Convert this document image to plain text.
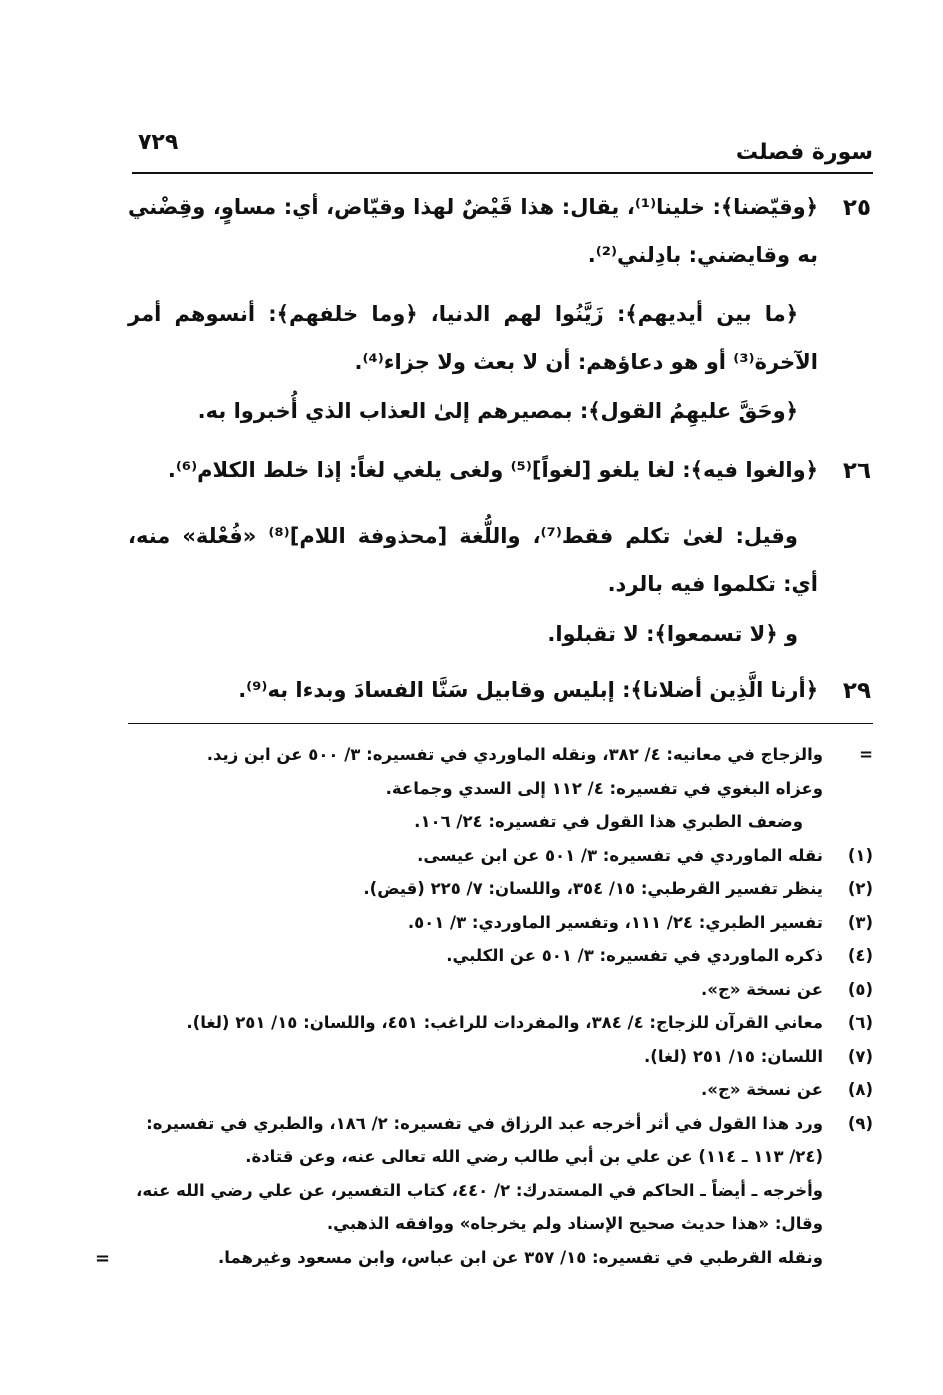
سورة فصلت
٧٢٩
٢٥

﴿وقيّضنا﴾: خلينا⁽¹⁾، يقال: هذا قَيْضٌ لهذا وقيّاض، أي: مساوٍ، وقِضْني به وقايضني: بادِلني⁽²⁾.

﴿ما بين أيديهم﴾: زَيَّنُوا لهم الدنيا، ﴿وما خلفهم﴾: أنسوهم أمر الآخرة⁽³⁾ أو هو دعاؤهم: أن لا بعث ولا جزاء⁽⁴⁾.

﴿وحَقَّ عليهِمُ القول﴾: بمصيرهم إلىٰ العذاب الذي أُخبروا به.

٢٦

﴿والغوا فيه﴾: لغا يلغو [لغواً]⁽⁵⁾ ولغى يلغي لغاً: إذا خلط الكلام⁽⁶⁾.

وقيل: لغىٰ تكلم فقط⁽⁷⁾، واللُّغة [محذوفة اللام]⁽⁸⁾ «فُعْلة» منه، أي: تكلموا فيه بالرد.

و ﴿لا تسمعوا﴾: لا تقبلوا.

٢٩

﴿أرنا الَّذِين أضلانا﴾: إبليس وقابيل سَنَّا الفسادَ وبدءا به⁽⁹⁾.

=
والزجاج في معانيه: ٤/ ٣٨٢، ونقله الماوردي في تفسيره: ٣/ ٥٠٠ عن ابن زيد.
وعزاه البغوي في تفسيره: ٤/ ١١٢ إلى السدي وجماعة.
وضعف الطبري هذا القول في تفسيره: ٢٤/ ١٠٦.
(١)
نقله الماوردي في تفسيره: ٣/ ٥٠١ عن ابن عيسى.
(٢)
ينظر تفسير القرطبي: ١٥/ ٣٥٤، واللسان: ٧/ ٢٢٥ (قيض).
(٣)
تفسير الطبري: ٢٤/ ١١١، وتفسير الماوردي: ٣/ ٥٠١.
(٤)
ذكره الماوردي في تفسيره: ٣/ ٥٠١ عن الكلبي.
(٥)
عن نسخة «ج».
(٦)
معاني القرآن للزجاج: ٤/ ٣٨٤، والمفردات للراغب: ٤٥١، واللسان: ١٥/ ٢٥١ (لغا).
(٧)
اللسان: ١٥/ ٢٥١ (لغا).
(٨)
عن نسخة «ج».
(٩)
ورد هذا القول في أثر أخرجه عبد الرزاق في تفسيره: ٢/ ١٨٦، والطبري في تفسيره: (٢٤/ ١١٣ ـ ١١٤) عن علي بن أبي طالب رضي الله تعالى عنه، وعن قتادة.
وأخرجه ـ أيضاً ـ الحاكم في المستدرك: ٢/ ٤٤٠، كتاب التفسير، عن علي رضي الله عنه، وقال: «هذا حديث صحيح الإسناد ولم يخرجاه» ووافقه الذهبي.
ونقله القرطبي في تفسيره: ١٥/ ٣٥٧ عن ابن عباس، وابن مسعود وغيرهما.
=
